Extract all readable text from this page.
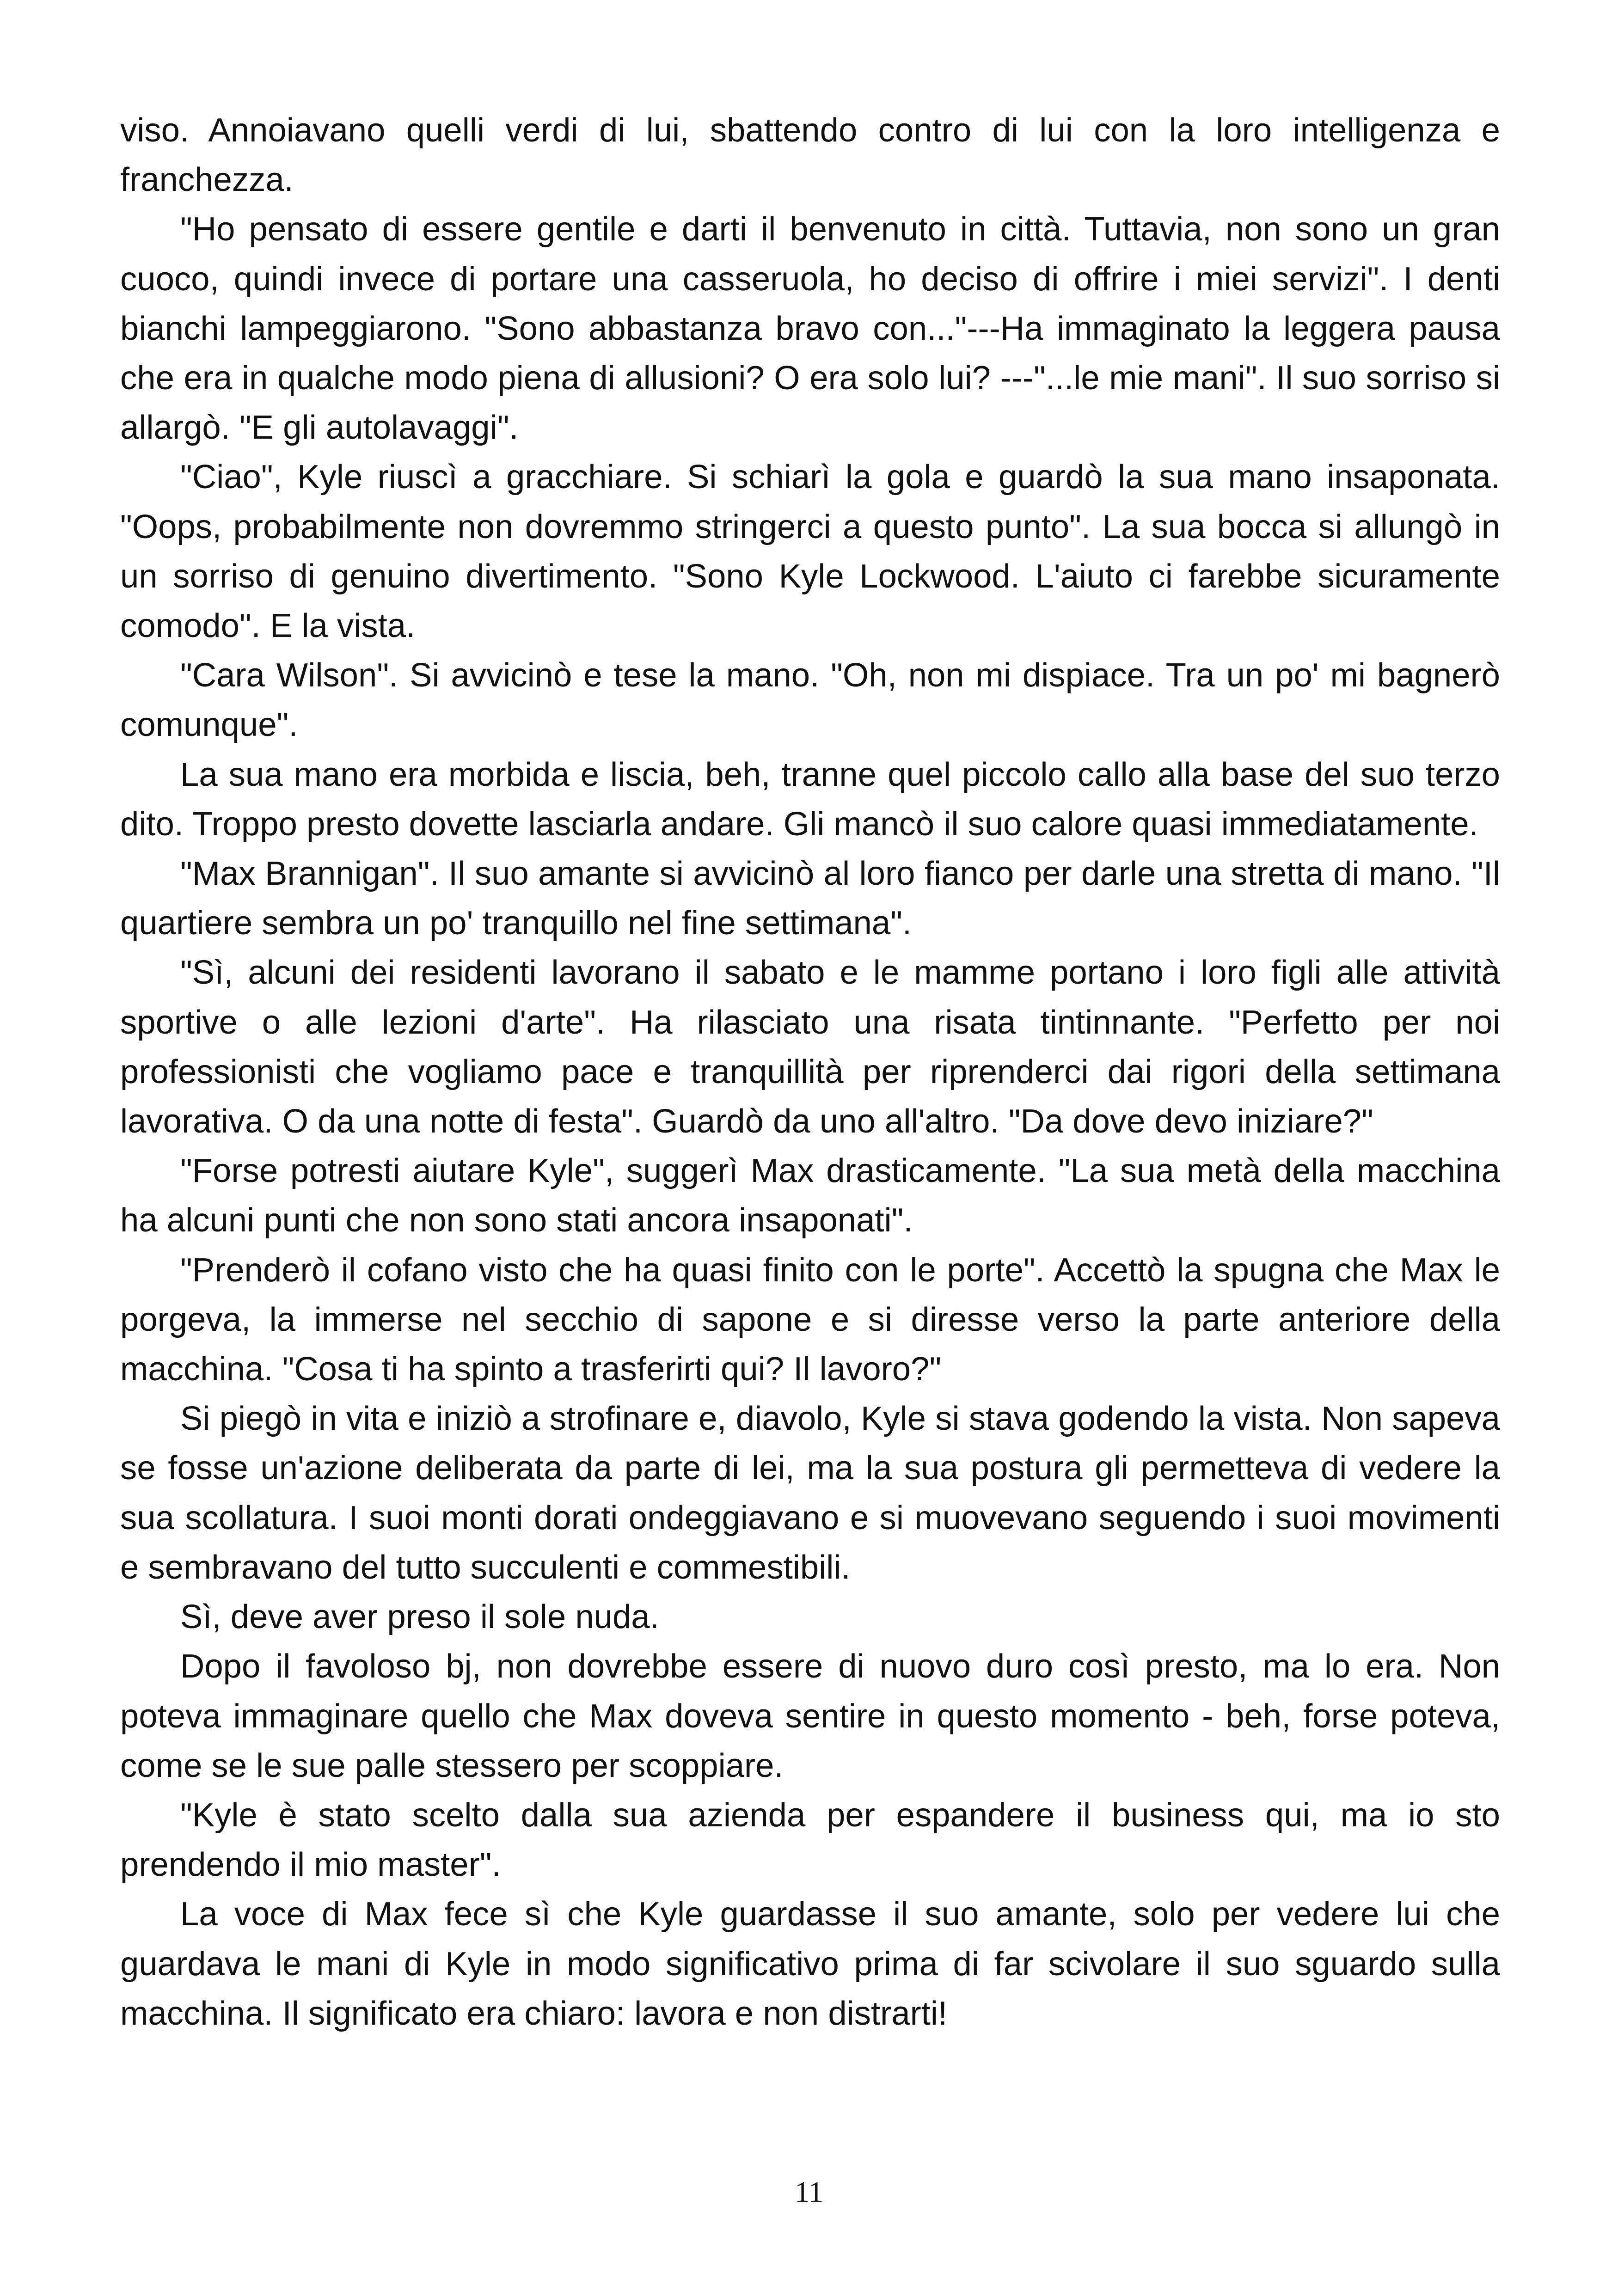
viso. Annoiavano quelli verdi di lui, sbattendo contro di lui con la loro intelligenza e franchezza.

"Ho pensato di essere gentile e darti il benvenuto in città. Tuttavia, non sono un gran cuoco, quindi invece di portare una casseruola, ho deciso di offrire i miei servizi". I denti bianchi lampeggiarono. "Sono abbastanza bravo con..."---Ha immaginato la leggera pausa che era in qualche modo piena di allusioni? O era solo lui? ---"...le mie mani". Il suo sorriso si allargò. "E gli autolavaggi".

"Ciao", Kyle riuscì a gracchiare. Si schiarì la gola e guardò la sua mano insaponata. "Oops, probabilmente non dovremmo stringerci a questo punto". La sua bocca si allungò in un sorriso di genuino divertimento. "Sono Kyle Lockwood. L'aiuto ci farebbe sicuramente comodo". E la vista.

"Cara Wilson". Si avvicinò e tese la mano. "Oh, non mi dispiace. Tra un po' mi bagnerò comunque".

La sua mano era morbida e liscia, beh, tranne quel piccolo callo alla base del suo terzo dito. Troppo presto dovette lasciarla andare. Gli mancò il suo calore quasi immediatamente.

"Max Brannigan". Il suo amante si avvicinò al loro fianco per darle una stretta di mano. "Il quartiere sembra un po' tranquillo nel fine settimana".

"Sì, alcuni dei residenti lavorano il sabato e le mamme portano i loro figli alle attività sportive o alle lezioni d'arte". Ha rilasciato una risata tintinnante. "Perfetto per noi professionisti che vogliamo pace e tranquillità per riprenderci dai rigori della settimana lavorativa. O da una notte di festa". Guardò da uno all'altro. "Da dove devo iniziare?"

"Forse potresti aiutare Kyle", suggerì Max drasticamente. "La sua metà della macchina ha alcuni punti che non sono stati ancora insaponati".

"Prenderò il cofano visto che ha quasi finito con le porte". Accettò la spugna che Max le porgeva, la immerse nel secchio di sapone e si diresse verso la parte anteriore della macchina. "Cosa ti ha spinto a trasferirti qui? Il lavoro?"

Si piegò in vita e iniziò a strofinare e, diavolo, Kyle si stava godendo la vista. Non sapeva se fosse un'azione deliberata da parte di lei, ma la sua postura gli permetteva di vedere la sua scollatura. I suoi monti dorati ondeggiavano e si muovevano seguendo i suoi movimenti e sembravano del tutto succulenti e commestibili.

Sì, deve aver preso il sole nuda.

Dopo il favoloso bj, non dovrebbe essere di nuovo duro così presto, ma lo era. Non poteva immaginare quello che Max doveva sentire in questo momento - beh, forse poteva, come se le sue palle stessero per scoppiare.

"Kyle è stato scelto dalla sua azienda per espandere il business qui, ma io sto prendendo il mio master".

La voce di Max fece sì che Kyle guardasse il suo amante, solo per vedere lui che guardava le mani di Kyle in modo significativo prima di far scivolare il suo sguardo sulla macchina. Il significato era chiaro: lavora e non distrarti!

11
